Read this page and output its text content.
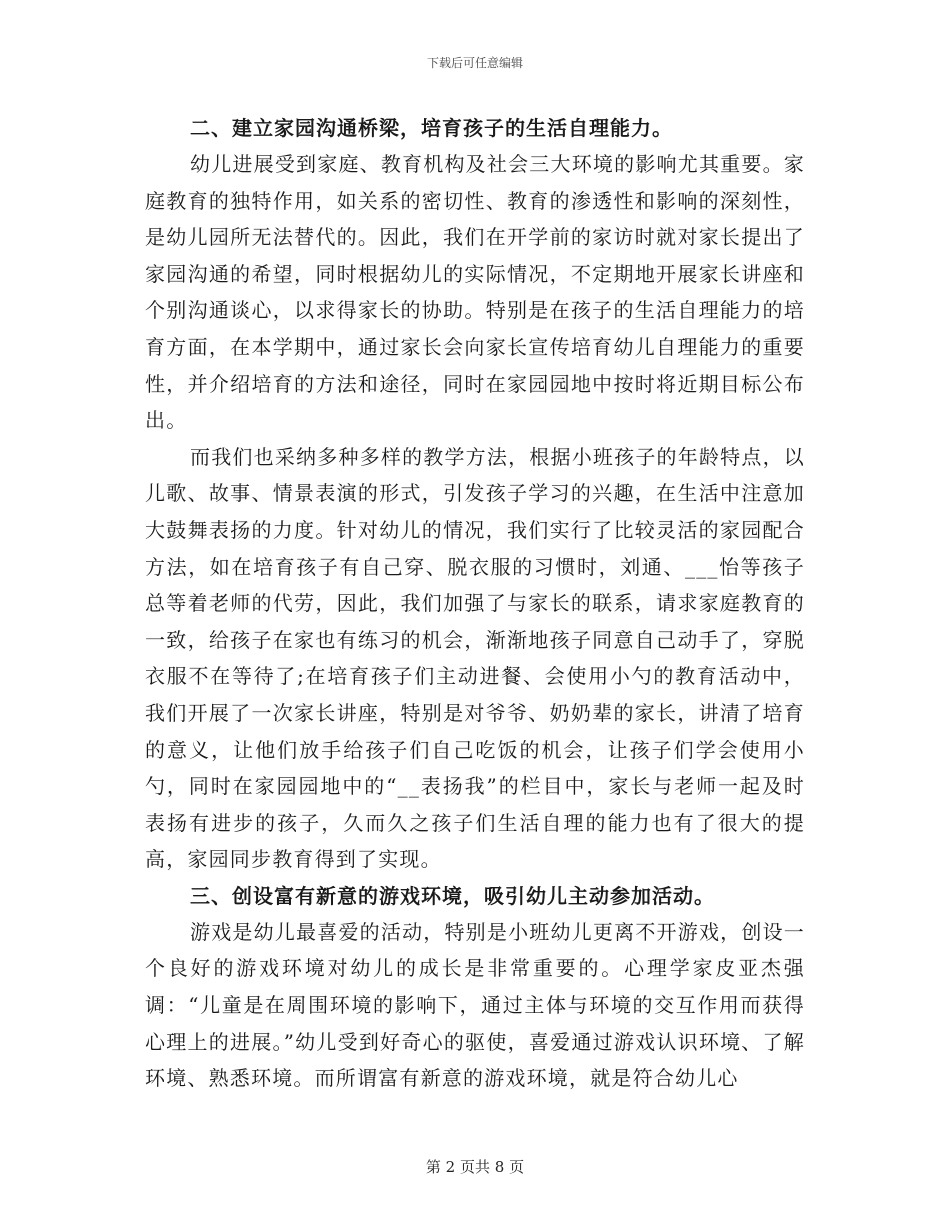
下载后可任意编辑
二、建立家园沟通桥梁，培育孩子的生活自理能力。

幼儿进展受到家庭、教育机构及社会三大环境的影响尤其重要。家庭教育的独特作用，如关系的密切性、教育的渗透性和影响的深刻性，是幼儿园所无法替代的。因此，我们在开学前的家访时就对家长提出了家园沟通的希望，同时根据幼儿的实际情况，不定期地开展家长讲座和个别沟通谈心，以求得家长的协助。特别是在孩子的生活自理能力的培育方面，在本学期中，通过家长会向家长宣传培育幼儿自理能力的重要性，并介绍培育的方法和途径，同时在家园园地中按时将近期目标公布出。

而我们也采纳多种多样的教学方法，根据小班孩子的年龄特点，以儿歌、故事、情景表演的形式，引发孩子学习的兴趣，在生活中注意加大鼓舞表扬的力度。针对幼儿的情况，我们实行了比较灵活的家园配合方法，如在培育孩子有自己穿、脱衣服的习惯时，刘通、___怡等孩子总等着老师的代劳，因此，我们加强了与家长的联系，请求家庭教育的一致，给孩子在家也有练习的机会，渐渐地孩子同意自己动手了，穿脱衣服不在等待了;在培育孩子们主动进餐、会使用小勺的教育活动中，我们开展了一次家长讲座，特别是对爷爷、奶奶辈的家长，讲清了培育的意义，让他们放手给孩子们自己吃饭的机会，让孩子们学会使用小勺，同时在家园园地中的“__表扬我”的栏目中，家长与老师一起及时表扬有进步的孩子，久而久之孩子们生活自理的能力也有了很大的提高，家园同步教育得到了实现。

三、创设富有新意的游戏环境，吸引幼儿主动参加活动。

游戏是幼儿最喜爱的活动，特别是小班幼儿更离不开游戏，创设一个良好的游戏环境对幼儿的成长是非常重要的。心理学家皮亚杰强调：“儿童是在周围环境的影响下，通过主体与环境的交互作用而获得心理上的进展。”幼儿受到好奇心的驱使，喜爱通过游戏认识环境、了解环境、熟悉环境。而所谓富有新意的游戏环境，就是符合幼儿心

第 2 页共 8 页
